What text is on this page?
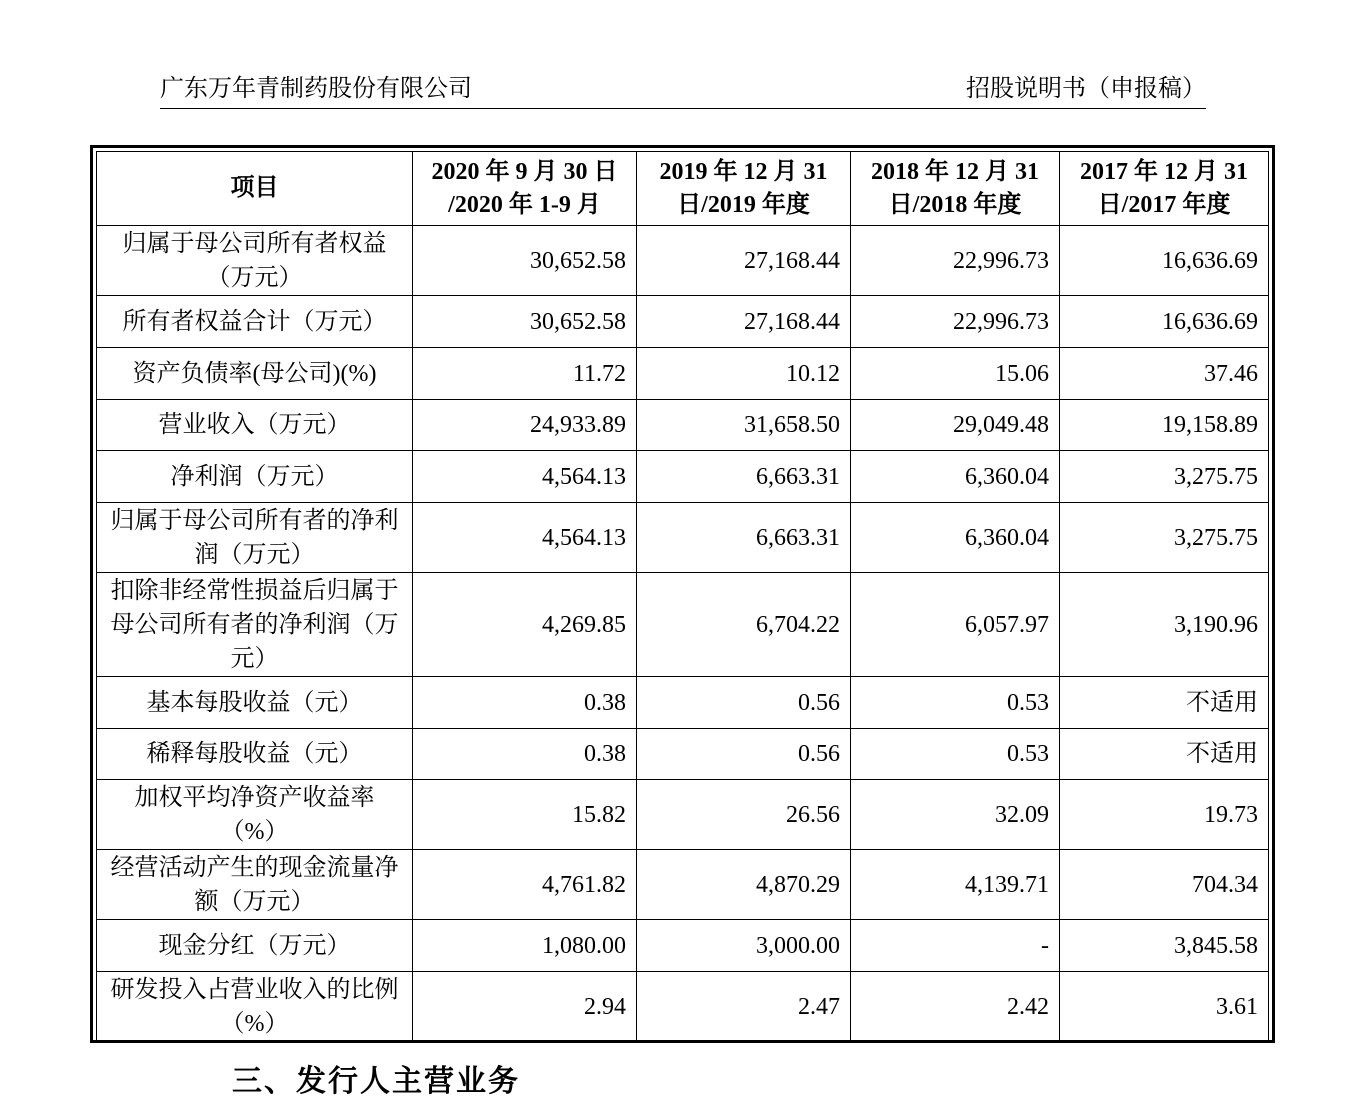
广东万年青制药股份有限公司	招股说明书（申报稿）
项目	2020 年 9 月 30 日 /2020 年 1-9 月	2019 年 12 月 31 日/2019 年度	2018 年 12 月 31 日/2018 年度	2017 年 12 月 31 日/2017 年度
归属于母公司所有者权益（万元）	30,652.58	27,168.44	22,996.73	16,636.69
所有者权益合计（万元）	30,652.58	27,168.44	22,996.73	16,636.69
资产负债率(母公司)(%)	11.72	10.12	15.06	37.46
营业收入（万元）	24,933.89	31,658.50	29,049.48	19,158.89
净利润（万元）	4,564.13	6,663.31	6,360.04	3,275.75
归属于母公司所有者的净利润（万元）	4,564.13	6,663.31	6,360.04	3,275.75
扣除非经常性损益后归属于母公司所有者的净利润（万元）	4,269.85	6,704.22	6,057.97	3,190.96
基本每股收益（元）	0.38	0.56	0.53	不适用
稀释每股收益（元）	0.38	0.56	0.53	不适用
加权平均净资产收益率（%）	15.82	26.56	32.09	19.73
经营活动产生的现金流量净额（万元）	4,761.82	4,870.29	4,139.71	704.34
现金分红（万元）	1,080.00	3,000.00	-	3,845.58
研发投入占营业收入的比例（%）	2.94	2.47	2.42	3.61
三、发行人主营业务
